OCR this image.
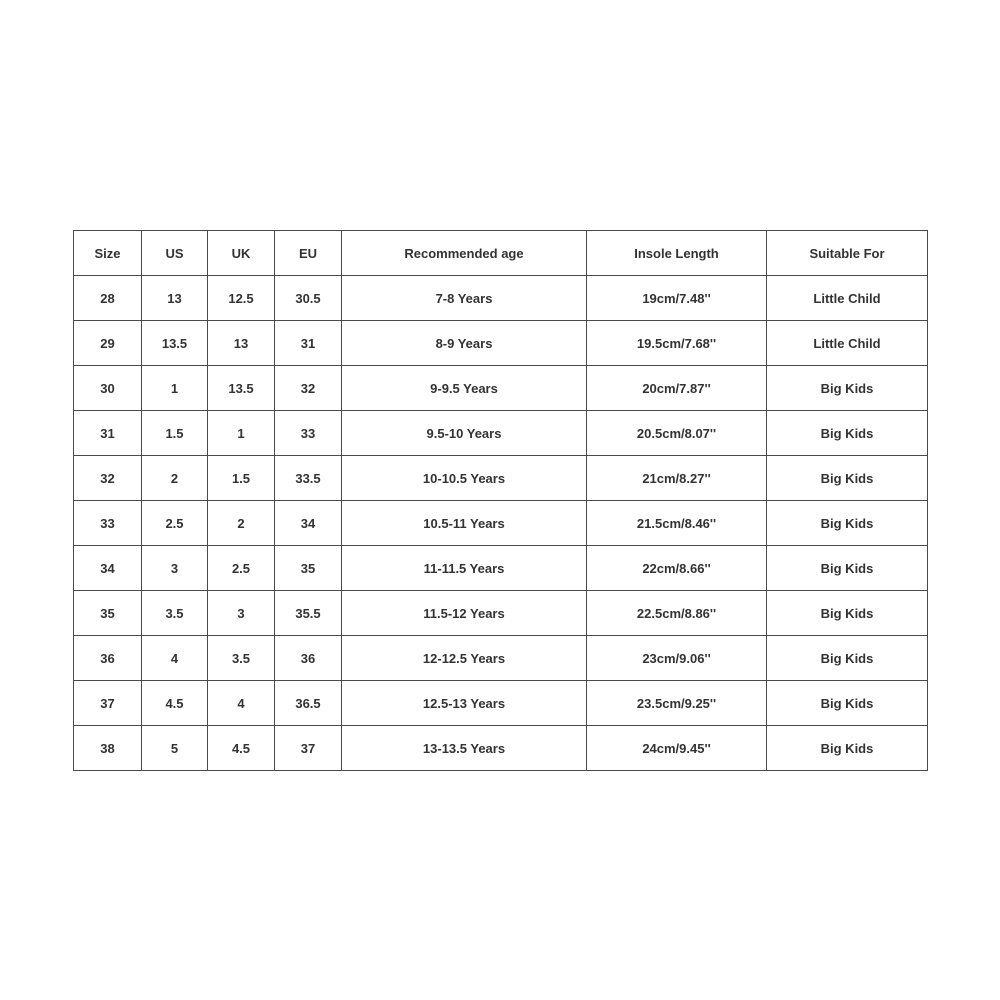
Size	US	UK	EU	Recommended age	Insole Length	Suitable For
28	13	12.5	30.5	7-8 Years	19cm/7.48''	Little Child
29	13.5	13	31	8-9 Years	19.5cm/7.68''	Little Child
30	1	13.5	32	9-9.5 Years	20cm/7.87''	Big Kids
31	1.5	1	33	9.5-10 Years	20.5cm/8.07''	Big Kids
32	2	1.5	33.5	10-10.5 Years	21cm/8.27''	Big Kids
33	2.5	2	34	10.5-11 Years	21.5cm/8.46''	Big Kids
34	3	2.5	35	11-11.5 Years	22cm/8.66''	Big Kids
35	3.5	3	35.5	11.5-12 Years	22.5cm/8.86''	Big Kids
36	4	3.5	36	12-12.5 Years	23cm/9.06''	Big Kids
37	4.5	4	36.5	12.5-13 Years	23.5cm/9.25''	Big Kids
38	5	4.5	37	13-13.5 Years	24cm/9.45''	Big Kids
